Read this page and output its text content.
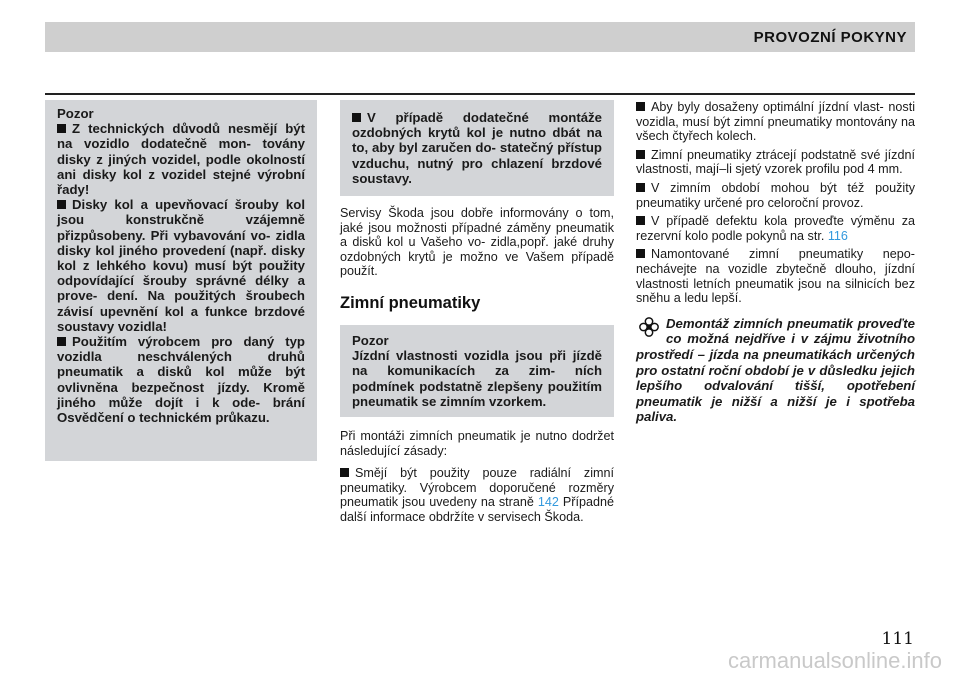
PROVOZNÍ POKYNY

Pozor

Z technických důvodů nesmějí být na vozidlo dodatečně mon- továny disky z jiných vozidel, podle okolností ani disky kol z vozidel stejné výrobní řady!

Disky kol a upevňovací šrouby kol jsou konstrukčně vzájemně přizpůsobeny. Při vybavování vo- zidla disky kol jiného provedení (např. disky kol z lehkého kovu) musí být použity odpovídající šrouby správné délky a prove- dení. Na použitých šroubech závisí upevnění kol a funkce brzdové soustavy vozidla!

Použitím výrobcem pro daný typ vozidla neschválených druhů pneumatik a disků kol může být ovlivněna bezpečnost jízdy. Kromě jiného může dojít i k ode- brání Osvědčení o technickém průkazu.

V případě dodatečné montáže ozdobných krytů kol je nutno dbát na to, aby byl zaručen do- statečný přístup vzduchu, nutný pro chlazení brzdové soustavy.

Servisy Škoda jsou dobře informovány o tom, jaké jsou možnosti případné záměny pneumatik a disků kol u Vašeho vo- zidla,popř. jaké druhy ozdobných krytů je možno ve Vašem případě použít.

Zimní pneumatiky

Pozor

Jízdní vlastnosti vozidla jsou při jízdě na komunikacích za zim- ních podmínek podstatně zlepšeny použitím pneumatik se zimním vzorkem.

Při montáži zimních pneumatik je nutno dodržet následující zásady:

Smějí být použity pouze radiální zimní pneumatiky. Výrobcem doporučené rozměry pneumatik jsou uvedeny na straně 142 Případné další informace obdržíte v servisech Škoda.

Aby byly dosaženy optimální jízdní vlast- nosti vozidla, musí být zimní pneumatiky montovány na všech čtyřech kolech.

Zimní pneumatiky ztrácejí podstatně své jízdní vlastnosti, mají–li sjetý vzorek profilu pod 4 mm.

V zimním období mohou být též použity pneumatiky určené pro celoroční provoz.

V případě defektu kola proveďte výměnu za rezervní kolo podle pokynů na str. 116

Namontované zimní pneumatiky nepo- nechávejte na vozidle zbytečně dlouho, jízdní vlastnosti letních pneumatik jsou na silnicích bez sněhu a ledu lepší.

Demontáž zimních pneumatik proveďte co možná nejdříve i v zájmu životního prostředí – jízda na pneumatikách určených pro ostatní roční období je v důsledku jejich lepšího odvalování tišší, opotřebení pneumatik je nižší a nižší je i spotřeba paliva.
111
carmanualsonline.info
